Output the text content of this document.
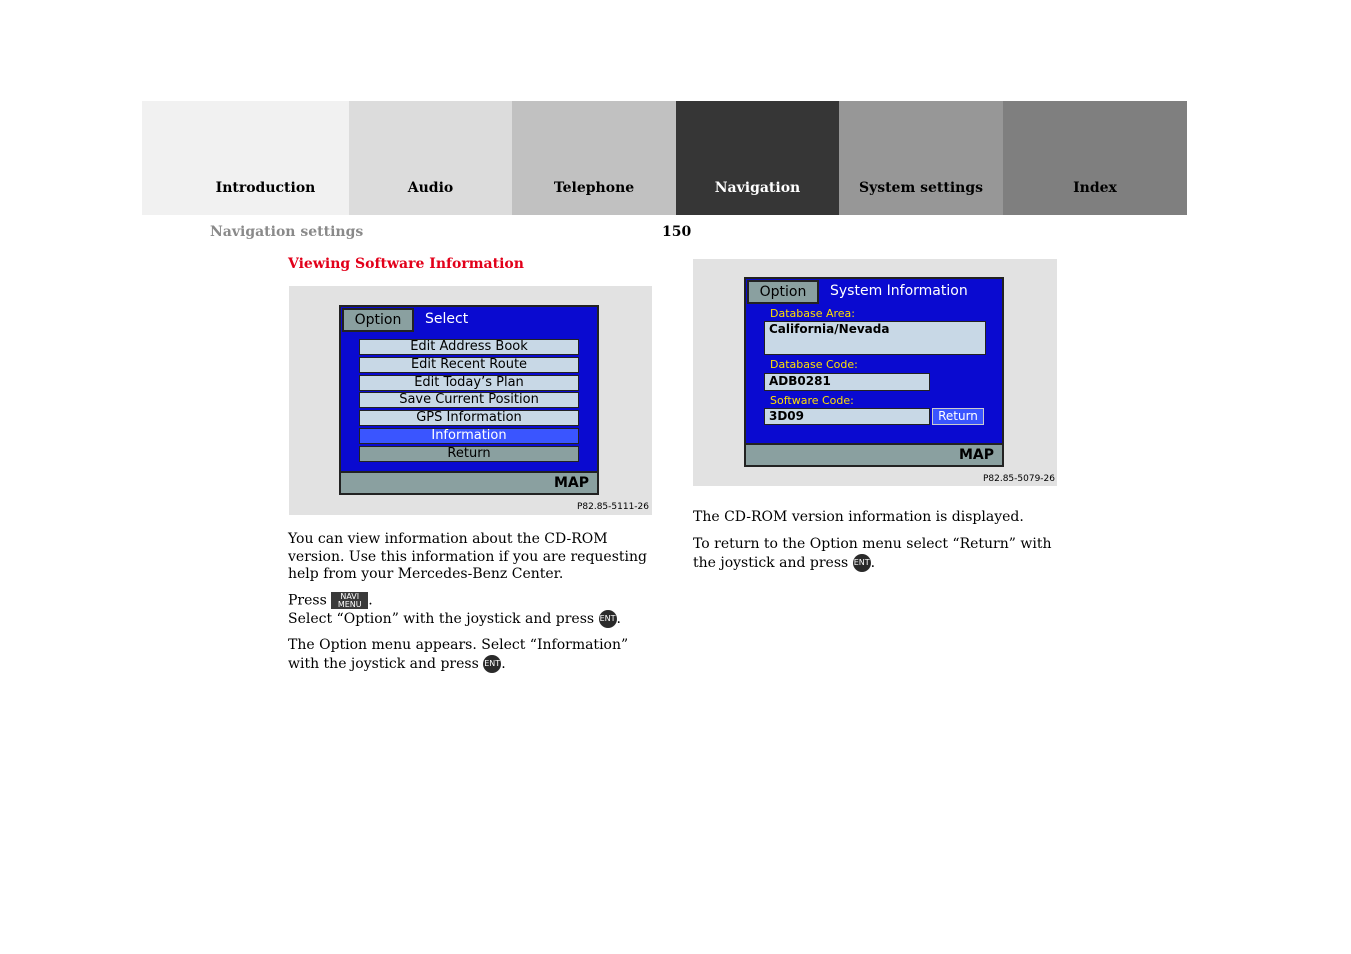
Introduction	Audio	Telephone	Navigation	System settings	Index
Navigation settings	150
Viewing Software Information
Option	Select
Edit Address Book
Edit Recent Route
Edit Today’s Plan
Save Current Position
GPS Information
Information
Return
MAP
P82.85-5111-26
Option	System Information
Database Area:
California/Nevada
Database Code:
ADB0281
Software Code:
3D09	Return
MAP
P82.85-5079-26
You can view information about the CD-ROM version. Use this information if you are requesting help from your Mercedes-Benz Center.
Press NAVI
MENU .
Select “Option” with the joystick and press ENT.
The Option menu appears. Select “Information” with the joystick and press ENT.
The CD-ROM version information is displayed.
To return to the Option menu select “Return” with the joystick and press ENT.
